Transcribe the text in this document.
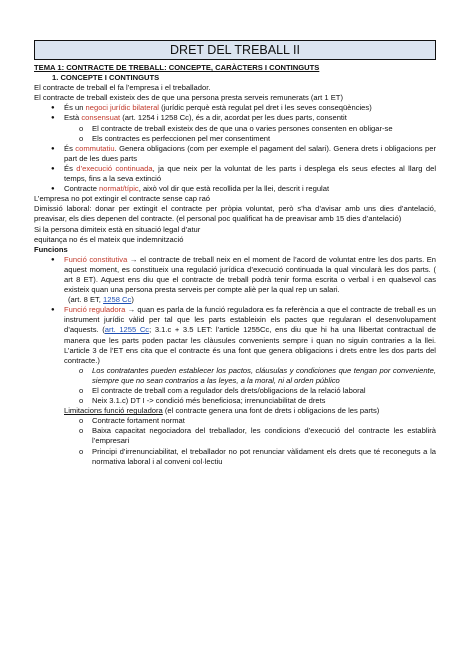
DRET DEL TREBALL II

TEMA 1: CONTRACTE DE TREBALL: CONCEPTE, CARÀCTERS I CONTINGUTS

1. CONCEPTE I CONTINGUTS

El contracte de treball el fa l’empresa i el treballador.

El contracte de treball existeix des de que una persona presta serveis remunerats (art 1 ET)

● És un negoci jurídic bilateral (jurídic perquè està regulat pel dret i les seves conseqüències)

● Està consensuat (art. 1254 i 1258 Cc), és a dir, acordat per les dues parts, consentit

o El contracte de treball existeix des de que una o varies persones consenten en obligar-se

o Els contractes es perfeccionen pel mer consentiment

● És commutatiu. Genera obligacions (com per exemple el pagament del salari). Genera drets i obligacions per part de les dues parts

● És d’execució continuada, ja que neix per la voluntat de les parts i desplega els seus efectes al llarg del temps, fins a la seva extinció

● Contracte normat/típic, això vol dir que està recollida per la llei, descrit i regulat

L’empresa no pot extingir el contracte sense cap raó

Dimissió laboral: donar per extingit el contracte per pròpia voluntat, però s’ha d’avisar amb uns dies d’antelació, preavisar, els dies depenen del contracte. (el personal poc qualificat ha de preavisar amb 15 dies d’antelació)

Si la persona dimiteix està en situació legal d’atur

equitança no és el mateix que indemnització

Funcions

● Funció constitutiva → el contracte de treball neix en el moment de l’acord de voluntat entre les dos parts. En aquest moment, es constitueix una regulació jurídica d’execució continuada la qual vincularà les dos parts. ( art 8 ET). Aquest ens diu que el contracte de treball podrà tenir forma escrita o verbal i en qualsevol cas existeix quan una persona presta serveis per compte aliè per la qual rep un salari.

(art. 8 ET, 1258 Cc)

● Funció reguladora → quan es parla de la funció reguladora es fa referència a que el contracte de treball es un instrument jurídic vàlid per tal que les parts estableixin els pactes que regularan el desenvolupament d’aquests. (art. 1255 Cc; 3.1.c + 3.5 LET: l’article 1255Cc, ens diu que hi ha una llibertat contractual de manera que les parts poden pactar les clàusules convenients sempre i quan no siguin contraries a la llei. L’article 3 de l’ET ens cita que el contracte és una font que genera obligacions i drets entre les dos parts del contracte.)

o Los contratantes pueden establecer los pactos, cláusulas y condiciones que tengan por conveniente, siempre que no sean contrarios a las leyes, a la moral, ni al orden público

o El contracte de treball com a regulador dels drets/obligacions de la relació laboral

o Neix 3.1.c) DT I -> condició més beneficiosa; irrenunciabilitat de drets

Limitacions funció reguladora (el contracte genera una font de drets i obligacions de les parts)

o Contracte fortament normat

o Baixa capacitat negociadora del treballador, les condicions d’execució del contracte les establirà l’empresari

o Principi d’irrenunciabilitat, el treballador no pot renunciar vàlidament els drets que té reconeguts a la normativa laboral i al conveni col·lectiu
